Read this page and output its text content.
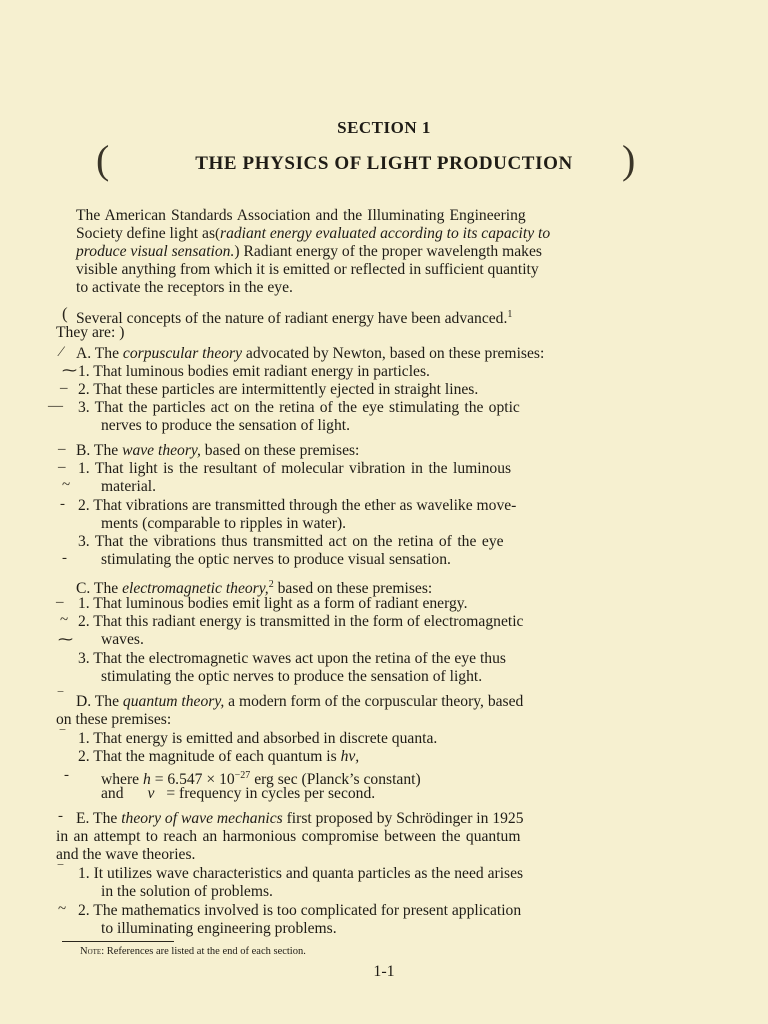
SECTION 1
(	THE PHYSICS OF LIGHT PRODUCTION	)
The American Standards Association and the Illuminating Engineering
Society define light as(radiant energy evaluated according to its capacity to
produce visual sensation.) Radiant energy of the proper wavelength makes
visible anything from which it is emitted or reflected in sufficient quantity
to activate the receptors in the eye.
( Several concepts of the nature of radiant energy have been advanced.$^1$
They are: )
⁄ A. The corpuscular theory advocated by Newton, based on these premises:
⁓ 1. That luminous bodies emit radiant energy in particles.
– 2. That these particles are intermittently ejected in straight lines.
— 3. That the particles act on the retina of the eye stimulating the optic
nerves to produce the sensation of light.
– B. The wave theory, based on these premises:
– 1. That light is the resultant of molecular vibration in the luminous
~ material.
- 2. That vibrations are transmitted through the ether as wavelike move-
ments (comparable to ripples in water).
3. That the vibrations thus transmitted act on the retina of the eye
- stimulating the optic nerves to produce visual sensation.
C. The electromagnetic theory,$^2$ based on these premises:
– 1. That luminous bodies emit light as a form of radiant energy.
~ 2. That this radiant energy is transmitted in the form of electromagnetic
⁓ waves.
3. That the electromagnetic waves act upon the retina of the eye thus
stimulating the optic nerves to produce the sensation of light.
‾ D. The quantum theory, a modern form of the corpuscular theory, based
on these premises:
‾ 1. That energy is emitted and absorbed in discrete quanta.
2. That the magnitude of each quantum is hν,
- where $h = 6.547 \times 10^{-27}$ erg sec (Planck’s constant)
and ν = frequency in cycles per second.
- E. The theory of wave mechanics first proposed by Schrödinger in 1925
in an attempt to reach an harmonious compromise between the quantum
and the wave theories.
‾ 1. It utilizes wave characteristics and quanta particles as the need arises
in the solution of problems.
~ 2. The mathematics involved is too complicated for present application
to illuminating engineering problems.
Note: References are listed at the end of each section.
1-1
